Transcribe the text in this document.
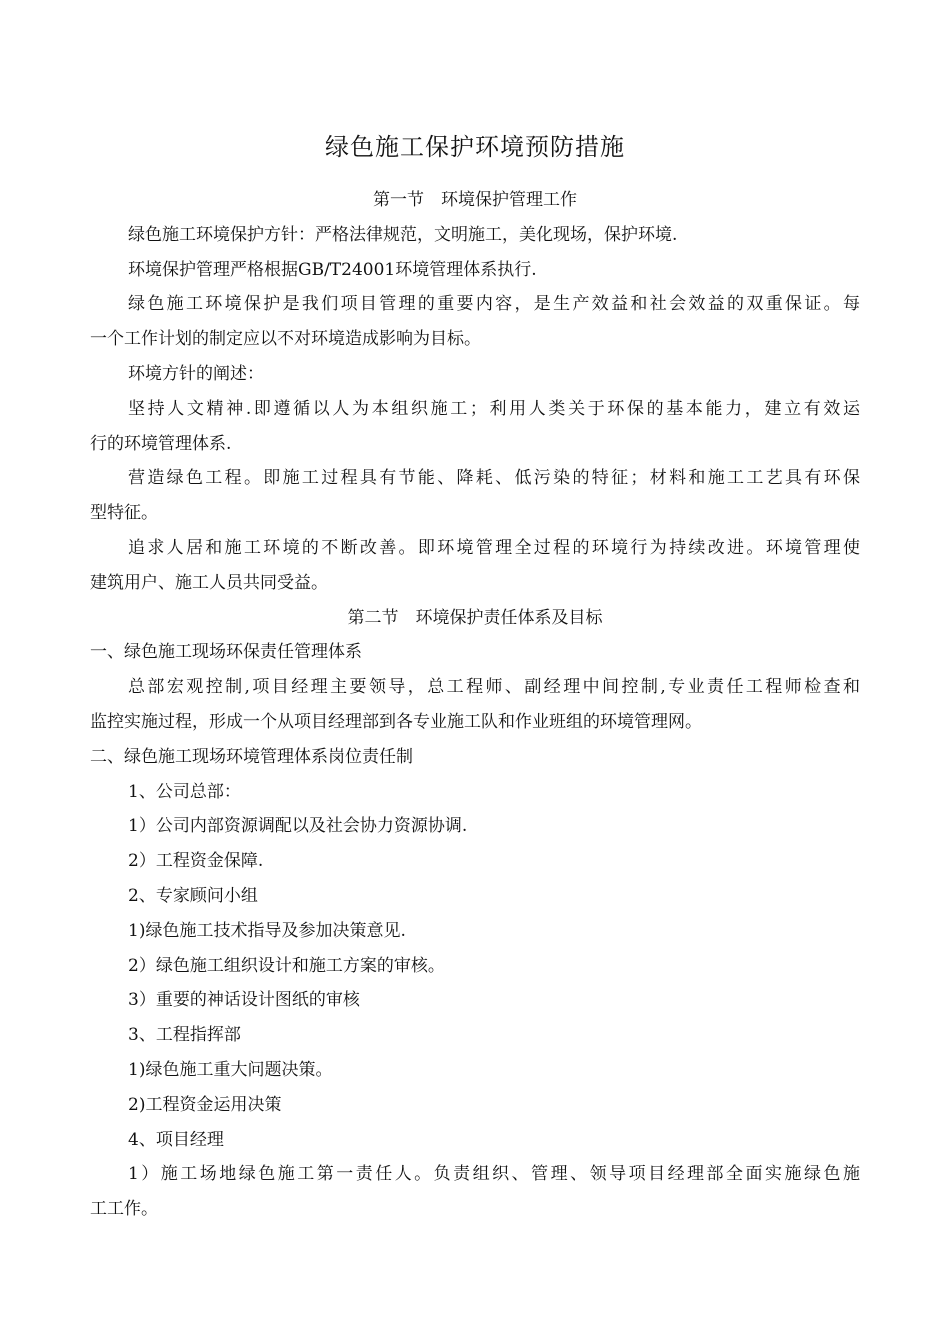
绿色施工保护环境预防措施
第一节　环境保护管理工作
绿色施工环境保护方针：严格法律规范，文明施工，美化现场，保护环境.
环境保护管理严格根据GB/T24001环境管理体系执行.
绿色施工环境保护是我们项目管理的重要内容，是生产效益和社会效益的双重保证。每
一个工作计划的制定应以不对环境造成影响为目标。
环境方针的阐述：
坚持人文精神.即遵循以人为本组织施工；利用人类关于环保的基本能力，建立有效运
行的环境管理体系.
营造绿色工程。即施工过程具有节能、降耗、低污染的特征；材料和施工工艺具有环保
型特征。
追求人居和施工环境的不断改善。即环境管理全过程的环境行为持续改进。环境管理使
建筑用户、施工人员共同受益。
第二节　环境保护责任体系及目标
一、绿色施工现场环保责任管理体系
总部宏观控制,项目经理主要领导，总工程师、副经理中间控制,专业责任工程师检查和
监控实施过程，形成一个从项目经理部到各专业施工队和作业班组的环境管理网。
二、绿色施工现场环境管理体系岗位责任制
1、公司总部：
1）公司内部资源调配以及社会协力资源协调.
2）工程资金保障.
2、专家顾问小组
1)绿色施工技术指导及参加决策意见.
2）绿色施工组织设计和施工方案的审核。
3）重要的神话设计图纸的审核
3、工程指挥部
1)绿色施工重大问题决策。
2)工程资金运用决策
4、项目经理
1）施工场地绿色施工第一责任人。负责组织、管理、领导项目经理部全面实施绿色施
工工作。
